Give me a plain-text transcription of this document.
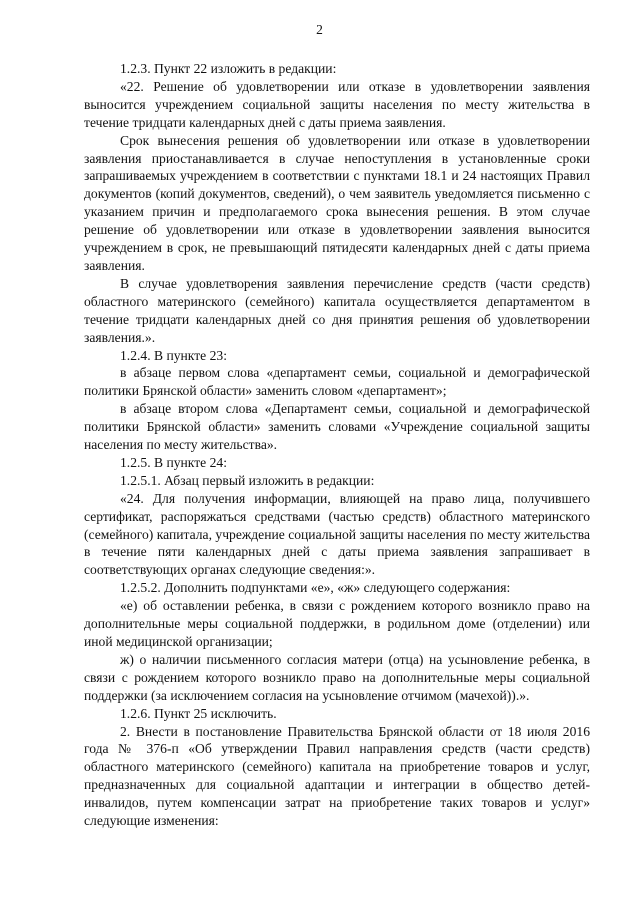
2

1.2.3. Пункт 22 изложить в редакции:

«22. Решение об удовлетворении или отказе в удовлетворении заявления выносится учреждением социальной защиты населения по месту жительства в течение тридцати календарных дней с даты приема заявления.

Срок вынесения решения об удовлетворении или отказе в удовлетворении заявления приостанавливается в случае непоступления в установленные сроки запрашиваемых учреждением в соответствии с пунктами 18.1 и 24 настоящих Правил документов (копий документов, сведений), о чем заявитель уведомляется письменно с указанием причин и предполагаемого срока вынесения решения. В этом случае решение об удовлетворении или отказе в удовлетворении заявления выносится учреждением в срок, не превышающий пятидесяти календарных дней с даты приема заявления.

В случае удовлетворения заявления перечисление средств (части средств) областного материнского (семейного) капитала осуществляется департаментом в течение тридцати календарных дней со дня принятия решения об удовлетворении заявления.».

1.2.4. В пункте 23:

в абзаце первом слова «департамент семьи, социальной и демографической политики Брянской области» заменить словом «департамент»;

в абзаце втором слова «Департамент семьи, социальной и демографической политики Брянской области» заменить словами «Учреждение социальной защиты населения по месту жительства».

1.2.5. В пункте 24:

1.2.5.1. Абзац первый изложить в редакции:

«24. Для получения информации, влияющей на право лица, получившего сертификат, распоряжаться средствами (частью средств) областного материнского (семейного) капитала, учреждение социальной защиты населения по месту жительства в течение пяти календарных дней с даты приема заявления запрашивает в соответствующих органах следующие сведения:».

1.2.5.2. Дополнить подпунктами «е», «ж» следующего содержания:

«е) об оставлении ребенка, в связи с рождением которого возникло право на дополнительные меры социальной поддержки, в родильном доме (отделении) или иной медицинской организации;

ж) о наличии письменного согласия матери (отца) на усыновление ребенка, в связи с рождением которого возникло право на дополнительные меры социальной поддержки (за исключением согласия на усыновление отчимом (мачехой)).».

1.2.6. Пункт 25 исключить.

2. Внести в постановление Правительства Брянской области от 18 июля 2016 года № 376-п «Об утверждении Правил направления средств (части средств) областного материнского (семейного) капитала на приобретение товаров и услуг, предназначенных для социальной адаптации и интеграции в общество детей-инвалидов, путем компенсации затрат на приобретение таких товаров и услуг» следующие изменения:
